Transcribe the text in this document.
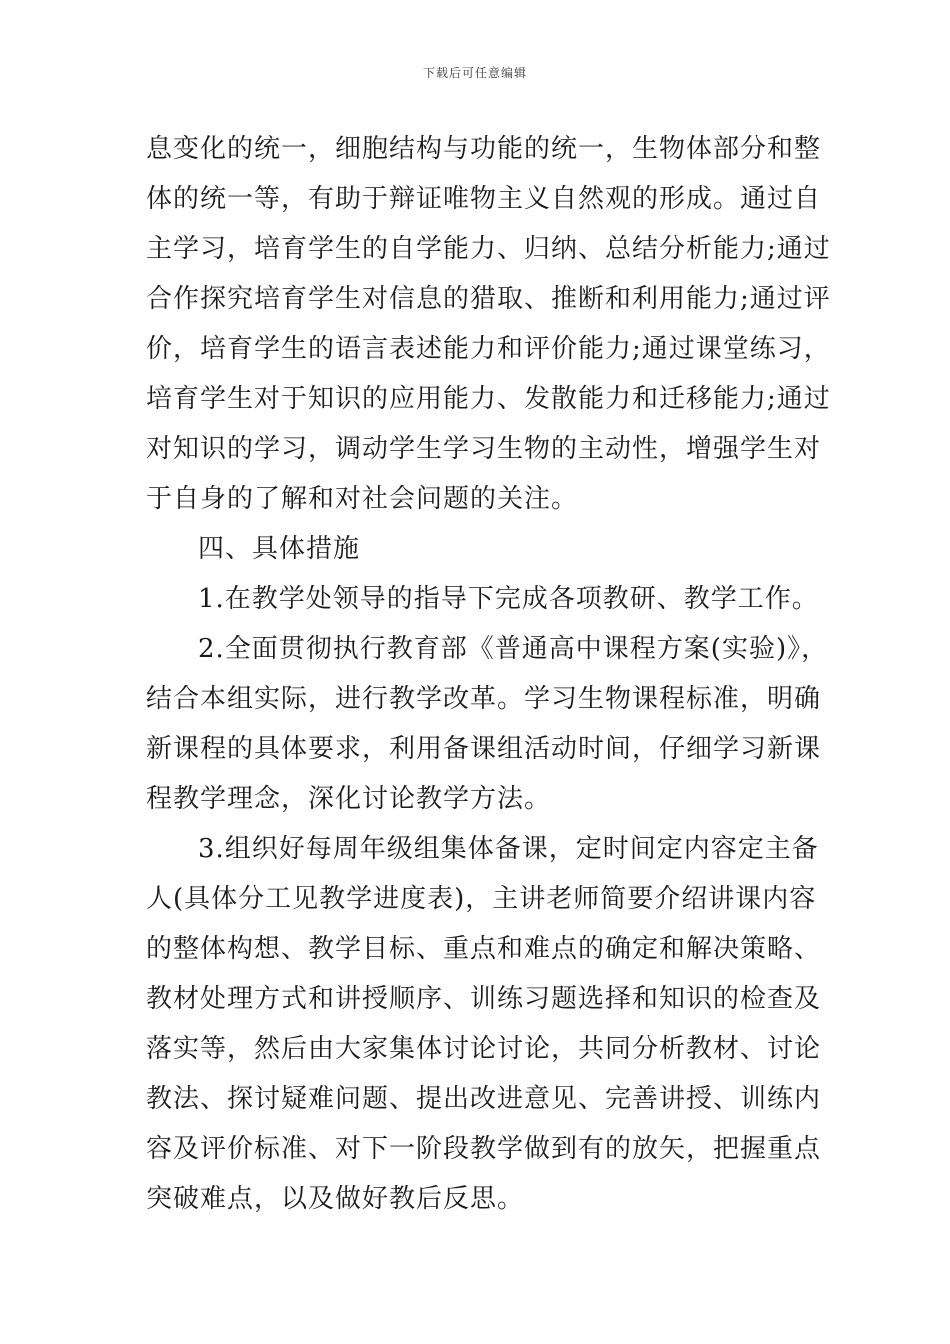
下载后可任意编辑
息变化的统一，细胞结构与功能的统一，生物体部分和整
体的统一等，有助于辩证唯物主义自然观的形成。通过自
主学习，培育学生的自学能力、归纳、总结分析能力;通过
合作探究培育学生对信息的猎取、推断和利用能力;通过评
价，培育学生的语言表述能力和评价能力;通过课堂练习，
培育学生对于知识的应用能力、发散能力和迁移能力;通过
对知识的学习，调动学生学习生物的主动性，增强学生对
于自身的了解和对社会问题的关注。
四、具体措施
1.在教学处领导的指导下完成各项教研、教学工作。
2.全面贯彻执行教育部《普通高中课程方案(实验)》，
结合本组实际，进行教学改革。学习生物课程标准，明确
新课程的具体要求，利用备课组活动时间，仔细学习新课
程教学理念，深化讨论教学方法。
3.组织好每周年级组集体备课，定时间定内容定主备
人(具体分工见教学进度表)，主讲老师简要介绍讲课内容
的整体构想、教学目标、重点和难点的确定和解决策略、
教材处理方式和讲授顺序、训练习题选择和知识的检查及
落实等，然后由大家集体讨论讨论，共同分析教材、讨论
教法、探讨疑难问题、提出改进意见、完善讲授、训练内
容及评价标准、对下一阶段教学做到有的放矢，把握重点
突破难点，以及做好教后反思。
